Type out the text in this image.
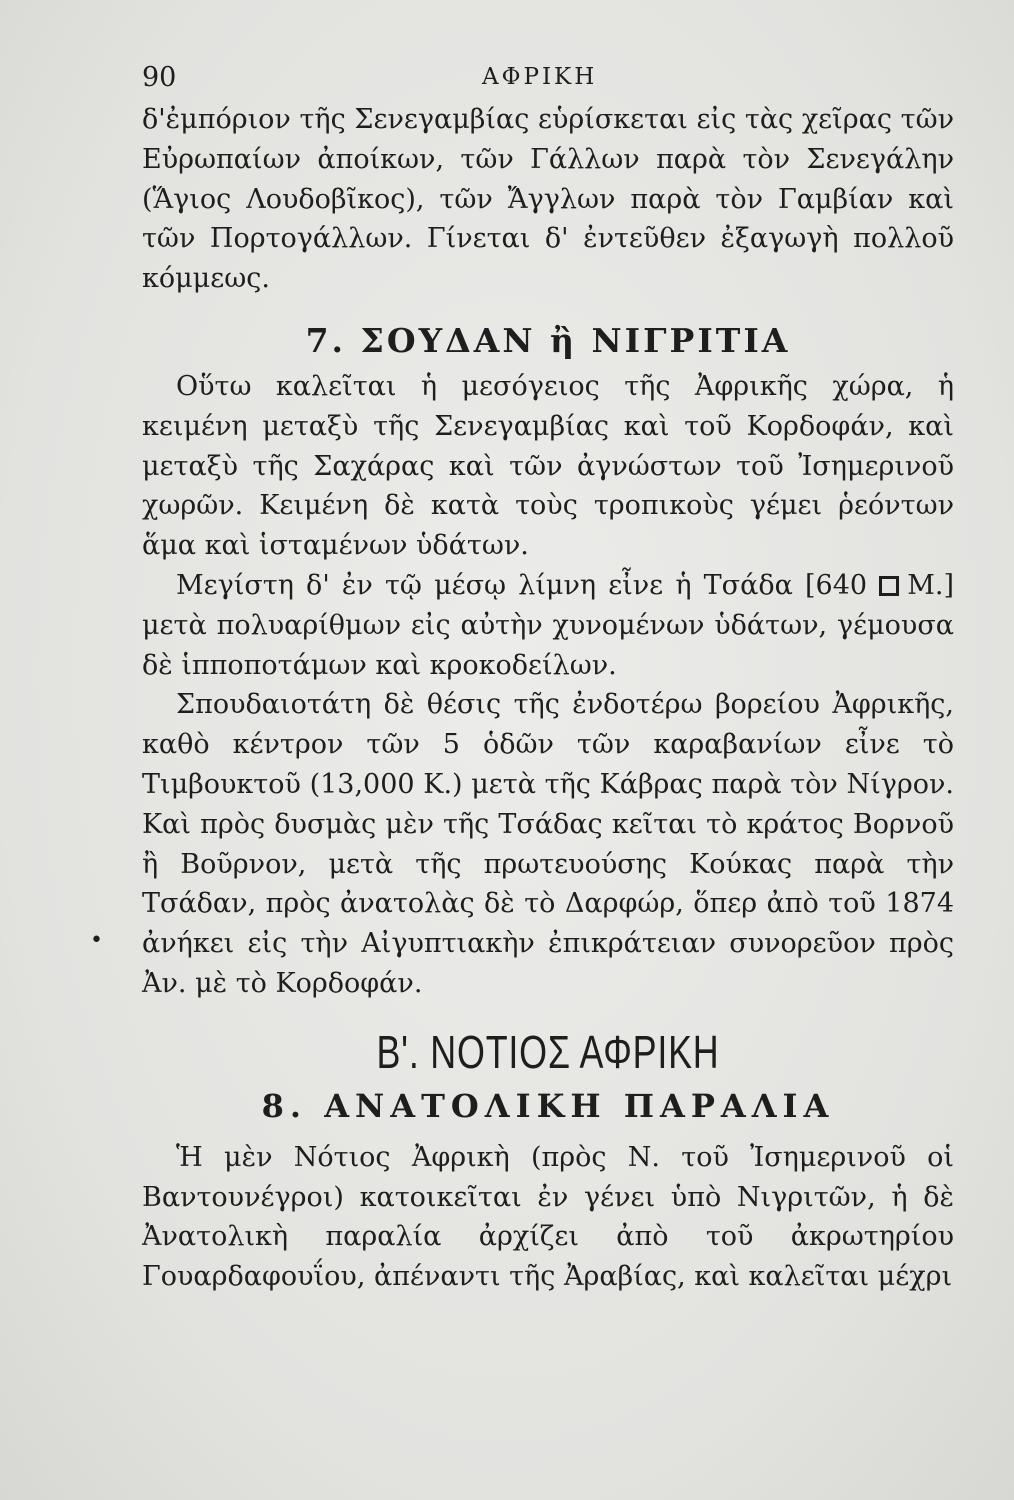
90	ΑΦΡΙΚΗ
•

δ'ἐμπόριον τῆς Σενεγαμβίας εὑρίσκεται εἰς τὰς χεῖρας τῶν Εὐρωπαίων ἀποίκων, τῶν Γάλλων παρὰ τὸν Σενεγάλην (Ἅγιος Λουδοβῖκος), τῶν Ἄγγλων παρὰ τὸν Γαμβίαν καὶ τῶν Πορτογάλλων. Γίνεται δ' ἐντεῦθεν ἐξαγωγὴ πολλοῦ κόμμεως.

7. ΣΟΥΔΑΝ ἢ ΝΙΓΡΙΤΙΑ

Οὕτω καλεῖται ἡ μεσόγειος τῆς Ἀφρικῆς χώρα, ἡ κειμένη μεταξὺ τῆς Σενεγαμβίας καὶ τοῦ Κορδοφάν, καὶ μεταξὺ τῆς Σαχάρας καὶ τῶν ἀγνώστων τοῦ Ἰσημερινοῦ χωρῶν. Κειμένη δὲ κατὰ τοὺς τροπικοὺς γέμει ῥεόντων ἅμα καὶ ἱσταμένων ὑδάτων.

Μεγίστη δ' ἐν τῷ μέσῳ λίμνη εἶνε ἡ Τσάδα [640 Μ.] μετὰ πολυαρίθμων εἰς αὐτὴν χυνομένων ὑδάτων, γέμουσα δὲ ἱπποποτάμων καὶ κροκοδείλων.

Σπουδαιοτάτη δὲ θέσις τῆς ἐνδοτέρω βορείου Ἀφρικῆς, καθὸ κέντρον τῶν 5 ὁδῶν τῶν καραβανίων εἶνε τὸ Τιμβουκτοῦ (13,000 Κ.) μετὰ τῆς Κάβρας παρὰ τὸν Νίγρον. Καὶ πρὸς δυσμὰς μὲν τῆς Τσάδας κεῖται τὸ κράτος Βορνοῦ ἢ Βοῦρνον, μετὰ τῆς πρωτευούσης Κούκας παρὰ τὴν Τσάδαν, πρὸς ἀνατολὰς δὲ τὸ Δαρφώρ, ὅπερ ἀπὸ τοῦ 1874 ἀνήκει εἰς τὴν Αἰγυπτιακὴν ἐπικράτειαν συνορεῦον πρὸς Ἀν. μὲ τὸ Κορδοφάν.

Β'. ΝΟΤΙΟΣ ΑΦΡΙΚΗ
8. ΑΝΑΤΟΛΙΚΗ ΠΑΡΑΛΙΑ

Ἡ μὲν Νότιος Ἀφρικὴ (πρὸς Ν. τοῦ Ἰσημερινοῦ οἱ Βαντουνέγροι) κατοικεῖται ἐν γένει ὑπὸ Νιγριτῶν, ἡ δὲ Ἀνατολικὴ παραλία ἀρχίζει ἀπὸ τοῦ ἀκρωτηρίου Γουαρδαφουΐου, ἀπέναντι τῆς Ἀραβίας, καὶ καλεῖται μέχρι
